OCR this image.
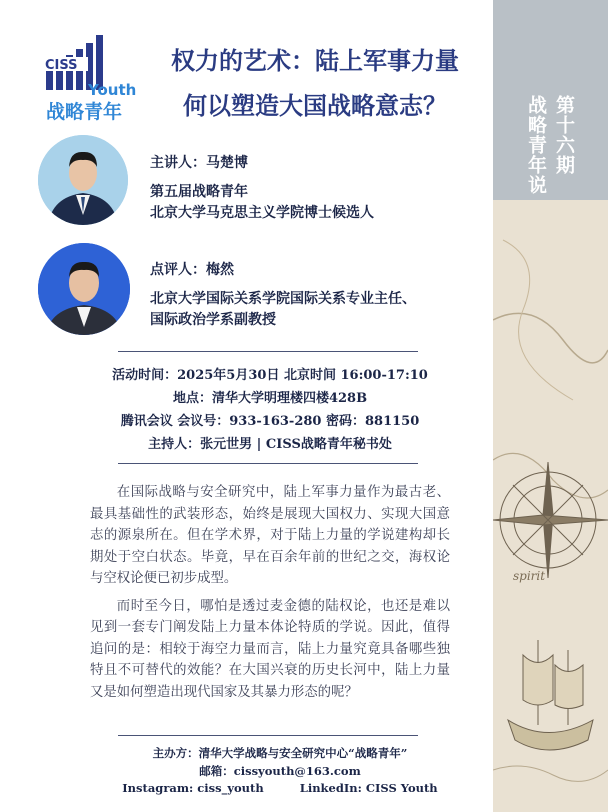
spirit
第十六期
战略青年说
CISS
Youth
战略青年
权力的艺术：陆上军事力量
何以塑造大国战略意志？
主讲人：马楚博
第五届战略青年
北京大学马克思主义学院博士候选人
点评人：梅然
北京大学国际关系学院国际关系专业主任、
国际政治学系副教授
活动时间：2025年5月30日 北京时间 16:00-17:10
地点：清华大学明理楼四楼428B
腾讯会议 会议号：933-163-280 密码：881150
主持人：张元世男 | CISS战略青年秘书处

在国际战略与安全研究中，陆上军事力量作为最古老、最具基础性的武装形态，始终是展现大国权力、实现大国意志的源泉所在。但在学术界，对于陆上力量的学说建构却长期处于空白状态。毕竟，早在百余年前的世纪之交，海权论与空权论便已初步成型。

而时至今日，哪怕是透过麦金德的陆权论，也还是难以见到一套专门阐发陆上力量本体论特质的学说。因此，值得追问的是：相较于海空力量而言，陆上力量究竟具备哪些独特且不可替代的效能？在大国兴衰的历史长河中，陆上力量又是如何塑造出现代国家及其暴力形态的呢？

主办方：清华大学战略与安全研究中心“战略青年”
邮箱：cissyouth@163.com
Instagram: ciss_youth	LinkedIn: CISS Youth
